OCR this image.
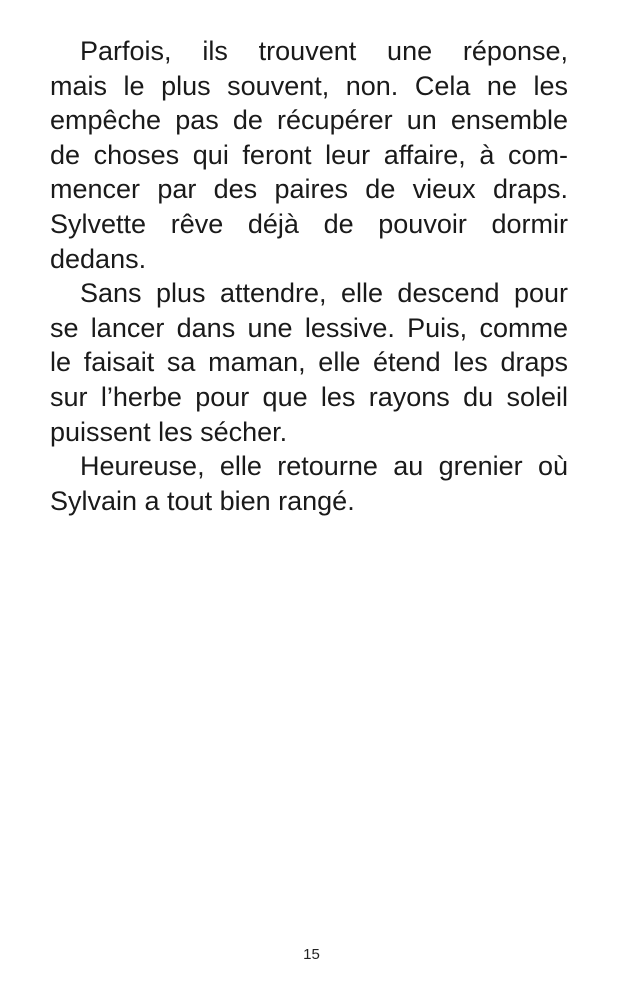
Parfois, ils trouvent une réponse,
mais le plus souvent, non. Cela ne les
empêche pas de récupérer un ensemble
de choses qui feront leur affaire, à com-
mencer par des paires de vieux draps.
Sylvette rêve déjà de pouvoir dormir
dedans.
Sans plus attendre, elle descend pour
se lancer dans une lessive. Puis, comme
le faisait sa maman, elle étend les draps
sur l’herbe pour que les rayons du soleil
puissent les sécher.
Heureuse, elle retourne au grenier où
Sylvain a tout bien rangé.
15
